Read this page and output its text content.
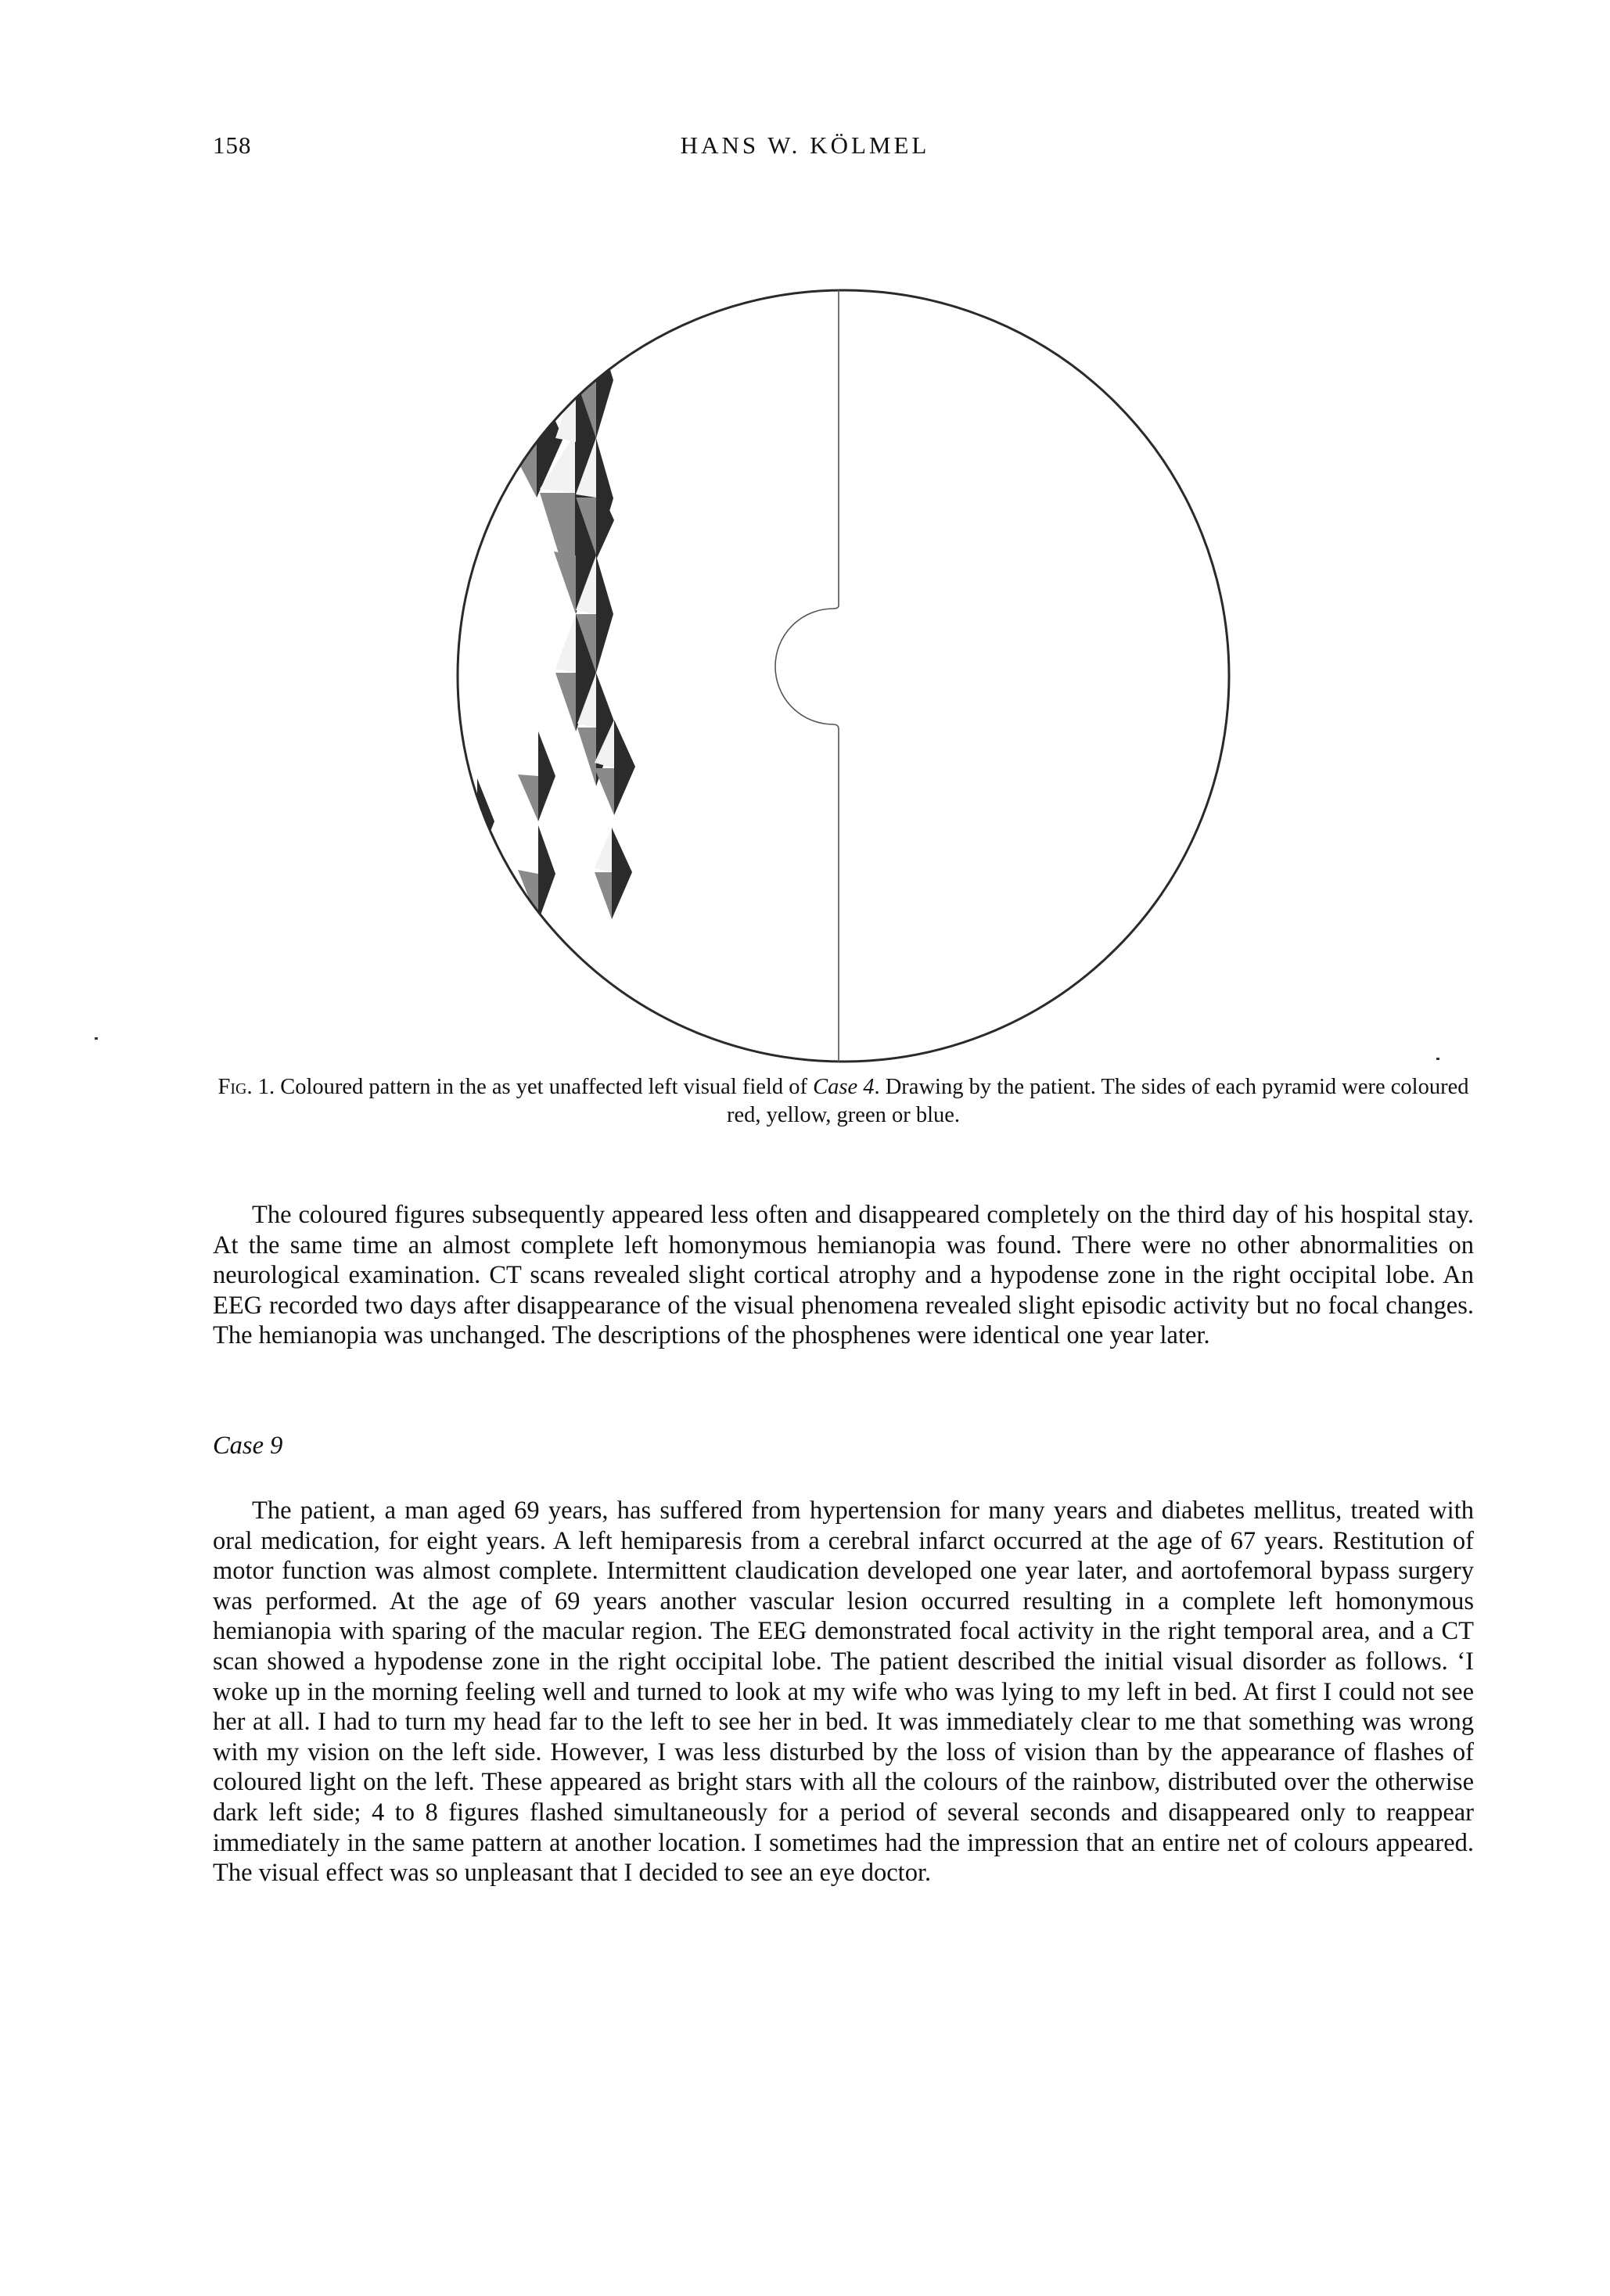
158	HANS W. KÖLMEL
Fig. 1. Coloured pattern in the as yet unaffected left visual field of Case 4. Drawing by the patient. The sides of each pyramid were coloured red, yellow, green or blue.

The coloured figures subsequently appeared less often and disappeared completely on the third day of his hospital stay. At the same time an almost complete left homonymous hemianopia was found. There were no other abnormalities on neurological examination. CT scans revealed slight cortical atrophy and a hypodense zone in the right occipital lobe. An EEG recorded two days after disappearance of the visual phenomena revealed slight episodic activity but no focal changes. The hemianopia was unchanged. The descriptions of the phosphenes were identical one year later.

Case 9

The patient, a man aged 69 years, has suffered from hypertension for many years and diabetes mellitus, treated with oral medication, for eight years. A left hemiparesis from a cerebral infarct occurred at the age of 67 years. Restitution of motor function was almost complete. Intermittent claudication developed one year later, and aortofemoral bypass surgery was performed. At the age of 69 years another vascular lesion occurred resulting in a complete left homonymous hemianopia with sparing of the macular region. The EEG demonstrated focal activity in the right temporal area, and a CT scan showed a hypodense zone in the right occipital lobe. The patient described the initial visual disorder as follows. ‘I woke up in the morning feeling well and turned to look at my wife who was lying to my left in bed. At first I could not see her at all. I had to turn my head far to the left to see her in bed. It was immediately clear to me that something was wrong with my vision on the left side. However, I was less disturbed by the loss of vision than by the appearance of flashes of coloured light on the left. These appeared as bright stars with all the colours of the rainbow, distributed over the otherwise dark left side; 4 to 8 figures flashed simultaneously for a period of several seconds and disappeared only to reappear immediately in the same pattern at another location. I sometimes had the impression that an entire net of colours appeared. The visual effect was so unpleasant that I decided to see an eye doctor.
